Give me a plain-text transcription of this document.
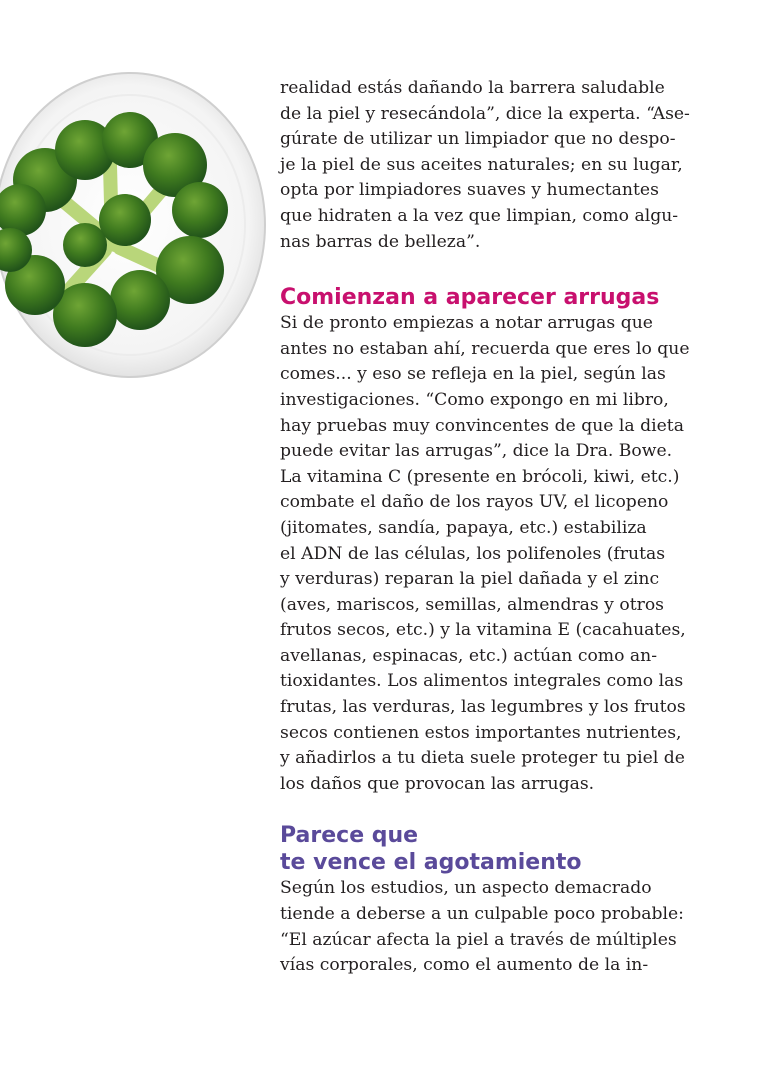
realidad estás dañando la barrera saludable
de la piel y resecándola”, dice la experta. “Ase-
gúrate de utilizar un limpiador que no despo-
je la piel de sus aceites naturales; en su lugar,
opta por limpiadores suaves y humectantes
que hidraten a la vez que limpian, como algu-
nas barras de belleza”.
Comienzan a aparecer arrugas
Si de pronto empiezas a notar arrugas que
antes no estaban ahí, recuerda que eres lo que
comes... y eso se refleja en la piel, según las
investigaciones. “Como expongo en mi libro,
hay pruebas muy convincentes de que la dieta
puede evitar las arrugas”, dice la Dra. Bowe.
La vitamina C (presente en brócoli, kiwi, etc.)
combate el daño de los rayos UV, el licopeno
(jitomates, sandía, papaya, etc.) estabiliza
el ADN de las células, los polifenoles (frutas
y verduras) reparan la piel dañada y el zinc
(aves, mariscos, semillas, almendras y otros
frutos secos, etc.) y la vitamina E (cacahuates,
avellanas, espinacas, etc.) actúan como an-
tioxidantes. Los alimentos integrales como las
frutas, las verduras, las legumbres y los frutos
secos contienen estos importantes nutrientes,
y añadirlos a tu dieta suele proteger tu piel de
los daños que provocan las arrugas.
Parece que
te vence el agotamiento
Según los estudios, un aspecto demacrado
tiende a deberse a un culpable poco probable:
“El azúcar afecta la piel a través de múltiples
vías corporales, como el aumento de la in-
